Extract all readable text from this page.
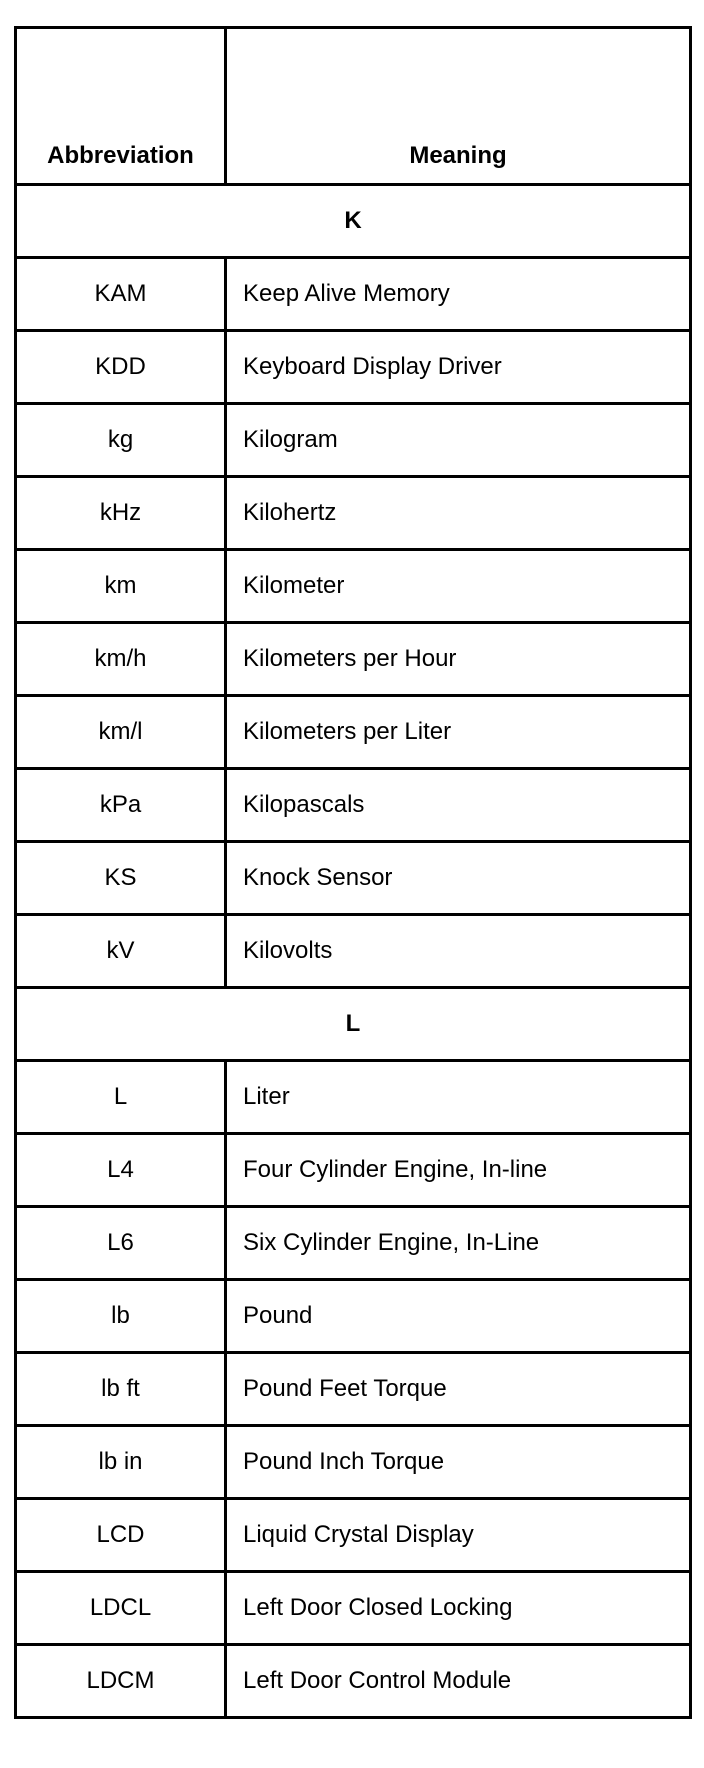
Abbreviation	Meaning
K	
KAM	Keep Alive Memory
KDD	Keyboard Display Driver
kg	Kilogram
kHz	Kilohertz
km	Kilometer
km/h	Kilometers per Hour
km/l	Kilometers per Liter
kPa	Kilopascals
KS	Knock Sensor
kV	Kilovolts
L	
L	Liter
L4	Four Cylinder Engine, In-line
L6	Six Cylinder Engine, In-Line
lb	Pound
lb ft	Pound Feet Torque
lb in	Pound Inch Torque
LCD	Liquid Crystal Display
LDCL	Left Door Closed Locking
LDCM	Left Door Control Module
